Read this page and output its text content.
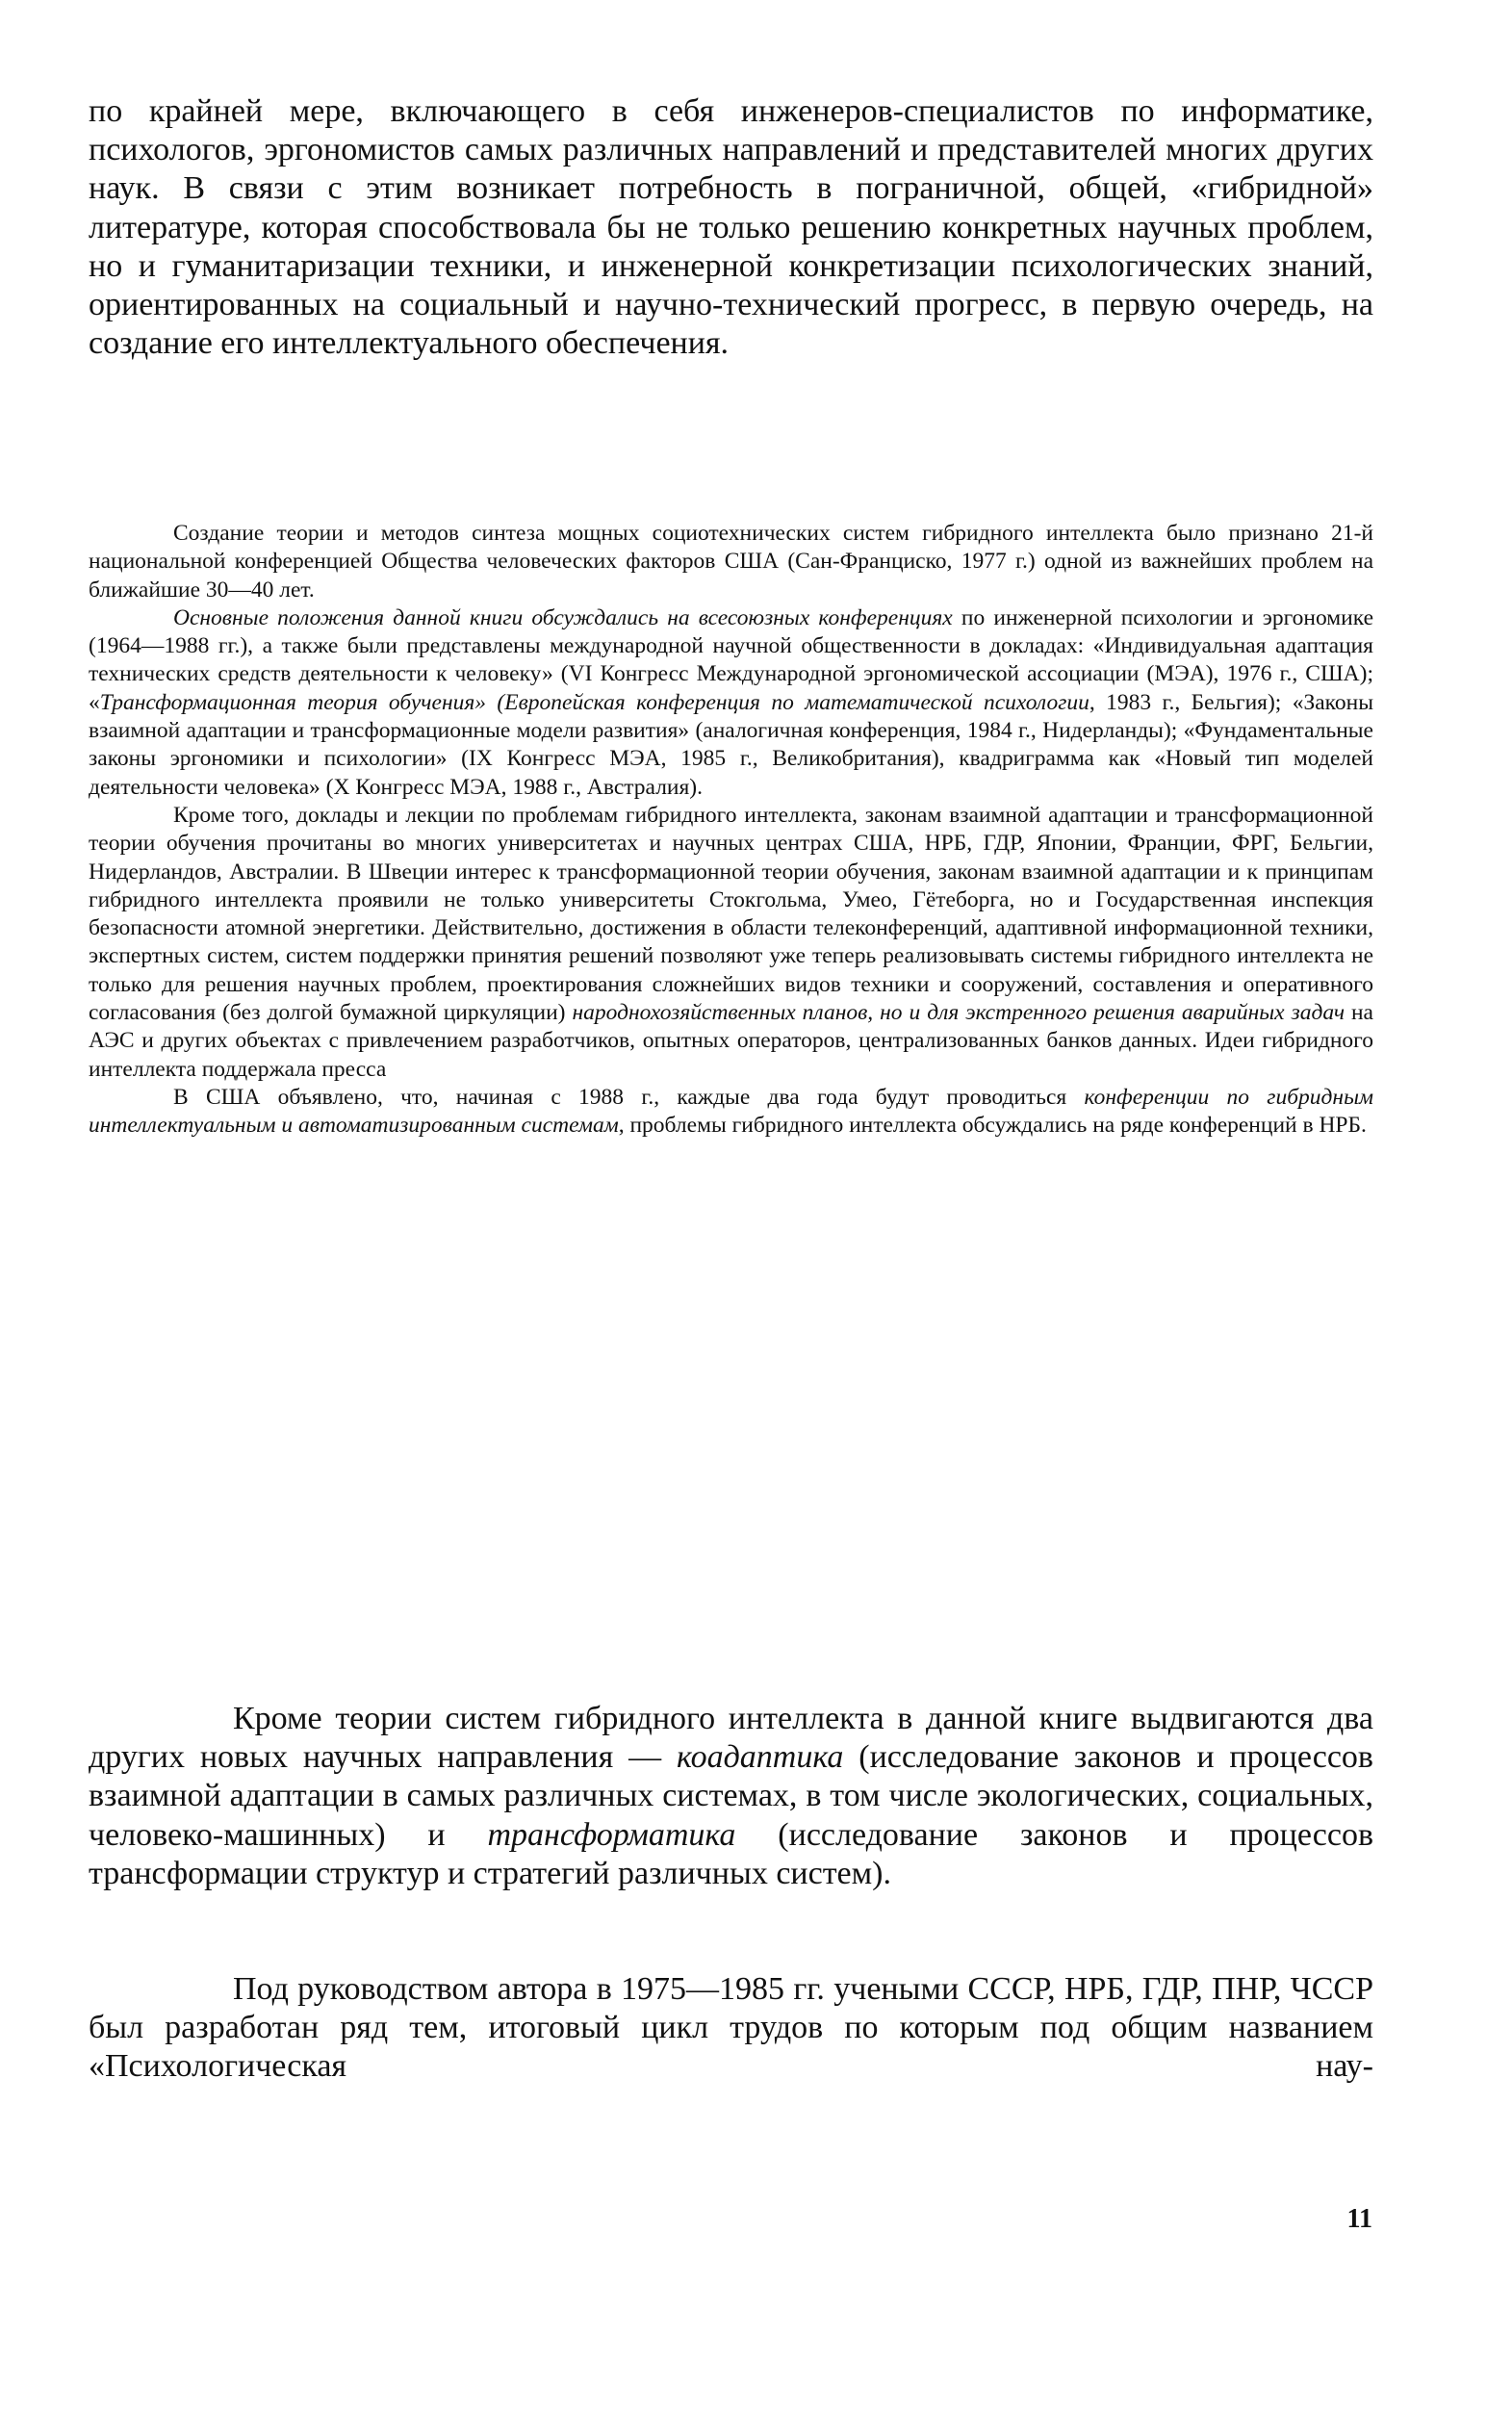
по крайней мере, включающего в себя инженеров-специалистов по информатике, психологов, эргономистов самых различных направлений и представителей многих других наук. В связи с этим возникает потребность в пограничной, общей, «гибридной» литературе, которая способствовала бы не только решению конкретных научных проблем, но и гуманитаризации техники, и инженерной конкретизации психологических знаний, ориентированных на социальный и научно-технический прогресс, в первую очередь, на создание его интеллектуального обеспечения.

Создание теории и методов синтеза мощных социотехнических систем гибридного интеллекта было признано 21-й национальной конференцией Общества человеческих факторов США (Сан-Франциско, 1977 г.) одной из важнейших проблем на ближайшие 30—40 лет.

Основные положения данной книги обсуждались на всесоюзных конференциях по инженерной психологии и эргономике (1964—1988 гг.), а также были представлены международной научной общественности в докладах: «Индивидуальная адаптация технических средств деятельности к человеку» (VI Конгресс Международной эргономической ассоциации (МЭА), 1976 г., США); «Трансформационная теория обучения» (Европейская конференция по математической психологии, 1983 г., Бельгия); «Законы взаимной адаптации и трансформационные модели развития» (аналогичная конференция, 1984 г., Нидерланды); «Фундаментальные законы эргономики и психологии» (IX Конгресс МЭА, 1985 г., Великобритания), квадриграмма как «Новый тип моделей деятельности человека» (X Конгресс МЭА, 1988 г., Австралия).

Кроме того, доклады и лекции по проблемам гибридного интеллекта, законам взаимной адаптации и трансформационной теории обучения прочитаны во многих университетах и научных центрах США, НРБ, ГДР, Японии, Франции, ФРГ, Бельгии, Нидерландов, Австралии. В Швеции интерес к трансформационной теории обучения, законам взаимной адаптации и к принципам гибридного интеллекта проявили не только университеты Стокгольма, Умео, Гётеборга, но и Государственная инспекция безопасности атомной энергетики. Действительно, достижения в области телеконференций, адаптивной информационной техники, экспертных систем, систем поддержки принятия решений позволяют уже теперь реализовывать системы гибридного интеллекта не только для решения научных проблем, проектирования сложнейших видов техники и сооружений, составления и оперативного согласования (без долгой бумажной циркуляции) народнохозяйственных планов, но и для экстренного решения аварийных задач на АЭС и других объектах с привлечением разработчиков, опытных операторов, централизованных банков данных. Идеи гибридного интеллекта поддержала пресса

В США объявлено, что, начиная с 1988 г., каждые два года будут проводиться конференции по гибридным интеллектуальным и автоматизированным системам, проблемы гибридного интеллекта обсуждались на ряде конференций в НРБ.

Кроме теории систем гибридного интеллекта в данной книге выдвигаются два других новых научных направления — коадаптика (исследование законов и процессов взаимной адаптации в самых различных системах, в том числе экологических, социальных, человеко-машинных) и трансформатика (исследование законов и процессов трансформации структур и стратегий различных систем).

Под руководством автора в 1975—1985 гг. учеными СССР, НРБ, ГДР, ПНР, ЧССР был разработан ряд тем, итоговый цикл трудов по которым под общим названием «Психологическая нау-

11
